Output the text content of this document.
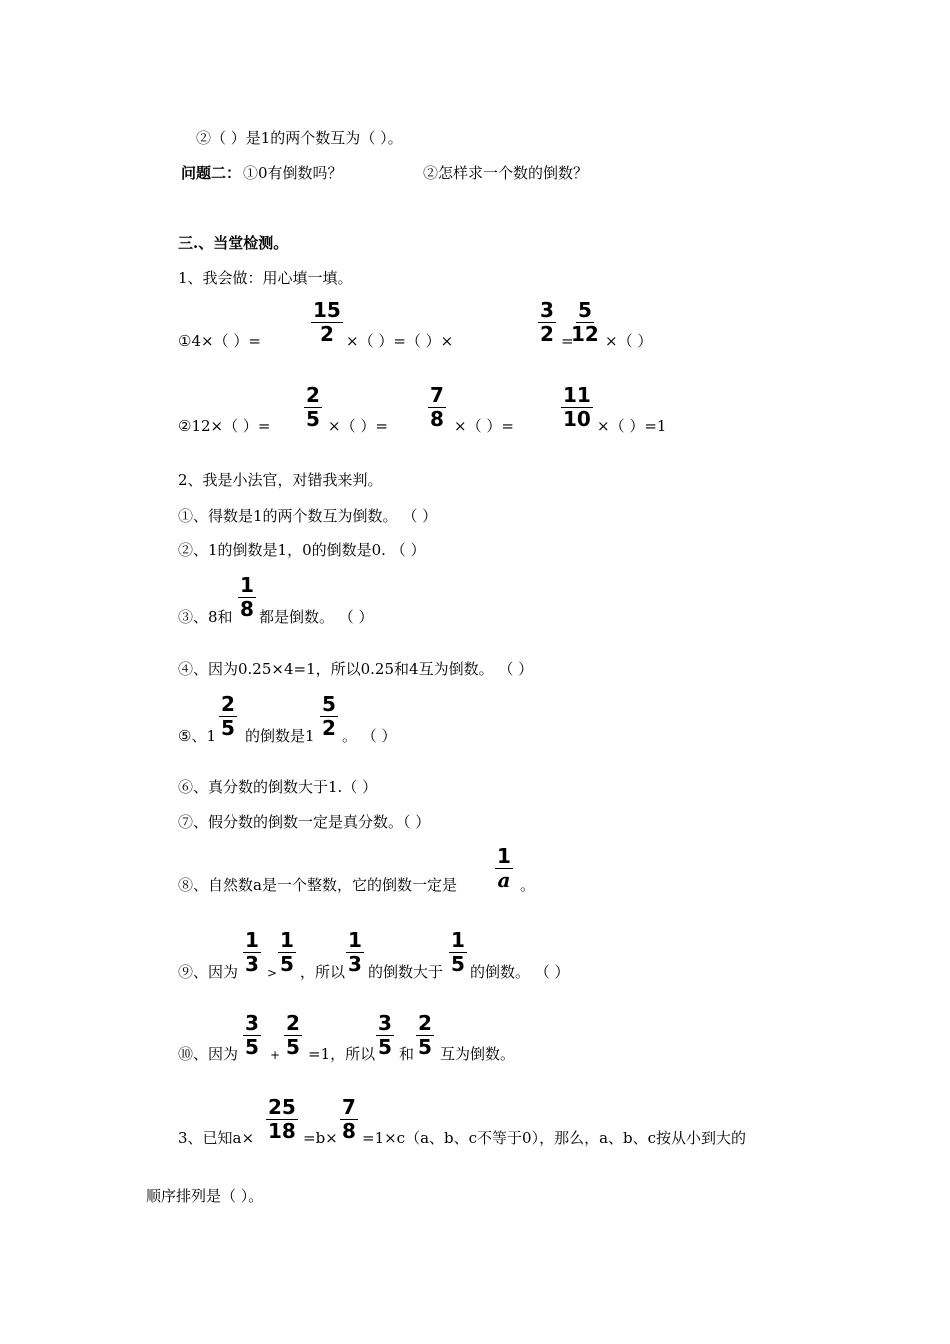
②（ ）是1的两个数互为（ ）。
问题二： ①0有倒数吗？	②怎样求一个数的倒数？
三.、当堂检测。
1、我会做：用心填一填。
①4×（ ）=	$\frac{15}{2}$ ×（ ）=（ ）×	$\frac{3}{2}$ =
$\frac{5}{12}$ ×（ ）
②12×（ ）= $\frac{2}{5}$ ×（ ）= $\frac{7}{8}$ ×（ ）= $\frac{11}{10}$ ×（ ）=1
2、我是小法官，对错我来判。
①、得数是1的两个数互为倒数。 （ ）
②、1的倒数是1，0的倒数是0. （ ）
③、8和 $\frac{1}{8}$ 都是倒数。 （ ）
④、因为0.25×4=1，所以0.25和4互为倒数。 （ ）
⑤、$1 \frac{2}{5}$ 的倒数是$1 \frac{5}{2}$ 。 （ ）
⑥、真分数的倒数大于1.（ ）
⑦、假分数的倒数一定是真分数。（ ）
⑧、自然数a是一个整数，它的倒数一定是 $\frac{1}{a}$ 。
⑨、因为 $\frac{1}{3} > \frac{1}{5}$ ，所以 $\frac{1}{3}$ 的倒数大于 $\frac{1}{5}$ 的倒数。 （ ）
⑩、因为 $\frac{3}{5} + \frac{2}{5} =1$，所以 $\frac{3}{5}$ 和 $\frac{2}{5}$ 互为倒数。
3、已知$a\times \frac{25}{18} =b\times \frac{7}{8} =1\times c(a$、b、c不等于0），那么，a、b、c按从小到大的
顺序排列是（ ）。
